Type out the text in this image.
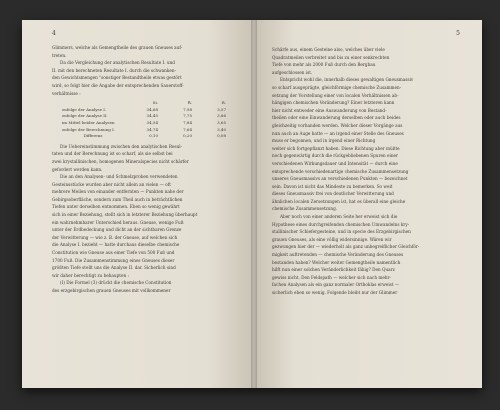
4

Glimmers, welche als Gemengtheile des grauen Gneuses auf-

treten.

Da die Vergleichung der analytischen Resultate I. und

II. mit den berechneten Resultate I. durch die schwanken-

den Gewichtsmengen "sonstiger Bestandtheile etwas gestört

wird, so folgt hier die Angabe der entsprechenden Sauerstoff-

verhältnisse :

Si.	R̈.	R.
zufolge der Analyse I.	34,68	7,98	3,57
zufolge der Analyse II.	34,45	7,75	3,86
im Mittel beider Analysen	34,54	7,84	3,65
zufolge der Berechnung I.	34,74	7,64	3,40
Differenz	0,10	0,20	0,08

Die Uebereinstimmung zwischen den analytischen Resul-

taten und der Berechnung ist so scharf, als sie selbst bei

zwei krystallinischen, homogenen Mineralspecies nicht schärfer

gefordert werden kann.

Die an den Analysen- und Schmelzproben verwendeten

Gesteinsstücke wurden aber nicht allein an vielen — oft

mehrere Meilen von einander entfernten — Punkten nahe der

Gebirgsoberfläche, sondern zum Theil auch in beträchtlichen

Tiefen unter derselben entnommen. Eben so wenig gewährt

sich in einer Beziehung, stellt sich in letzterer Beziehung überhaupt

ein wahrnehmbarer Unterschied heraus. Gneuse, wenige Fuß

unter der Erdbedeckung und dicht an der sichtbaren Grenze

der Verwitterung — wie z. B. der Gneuse, auf welchen sich

die Analyse I. bezieht — hatte durchaus dieselbe chemische

Constitution wie Gneuse aus einer Tiefe von 500 Fuß und

1700 Fuß. Die Zusammenstimmung eines Gneuses dieser

größten Tiefe stellt uns die Analyse II. dar. Sicherlich sind

wir daher berechtigt zu behaupten :

(I) Die Formel (3) drückt die chemische Constitution

des erzgebirgischen grauen Gneuses mit vollkommener

5

Schärfe aus, einem Gesteine also, welches über viele

Quadratmeilen verbreitet und bis zu einer senkrechten

Tiefe von mehr als 2000 Fuß durch den Bergbau

aufgeschlossen ist.

Entspricht wohl die, innerhalb dieses gewaltigen Gneusmassiv

so scharf ausgeprägte, gleichförmige chemische Zusammen-

setzung der Vorstellung einer von localen Verhältnissen ab-

hängigen chemischen Veränderung? Einer letzteren kann

hier nicht entweder eine Auswanderung von Bestand-

theilen oder eine Einwanderung derselben oder auch beides

gleichzeitig vorhanden werden. Welcher dieser Vorgänge aus

nun auch an Auge hatte — an irgend einer Stelle des Gneuses

muss er begonnen, und in irgend einer Richtung

weiter sich fortgepflanzt haben. Diese Richtung aber müßte

noch gegenwärtig durch die rückgebliebenen Spuren einer

verschiedenen Wirkungsdauer und Intensität — durch eine

entsprechende verschiedenartige chemische Zusammensetzung

unseres Gneusmassivs an verschiedenen Punkten — bezeichnet

sein. Davon ist nicht das Mindeste zu bemerken. So weit

dieses Gneusmassiv frei von deutlicher Verwitterung und

ähnlichen localen Zersetzungen ist, hat es überall eine gleiche

chemische Zusammensetzung.

Aber noch von einer anderen Seite her erweist sich die

Hypothese eines durchgreifenden chemischen Umwandelns kry-

stallinischer Schiefergesteine, und in specie des Erzgebirgischen

grauen Gneuses, als eine völlig widersinnige. Wären wir

gezwungen hier der — wiederholt als ganz unbegreiflicher Gleichför-

migkeit auftretenden — chemische Veränderung des Gneuses

bestanden haben? Welcher weiter Gemengtheile namentlich

hilft nun einer solchen Veränderlichkeit fähig? Den Quarz

gewiss nicht. Den Feldspath — welcher sich nach mehr-

fachen Analysen als ein ganz normaler Orthoklas erweist —

sicherlich eben so wenig. Folgende bleibt nur der Glimmer
